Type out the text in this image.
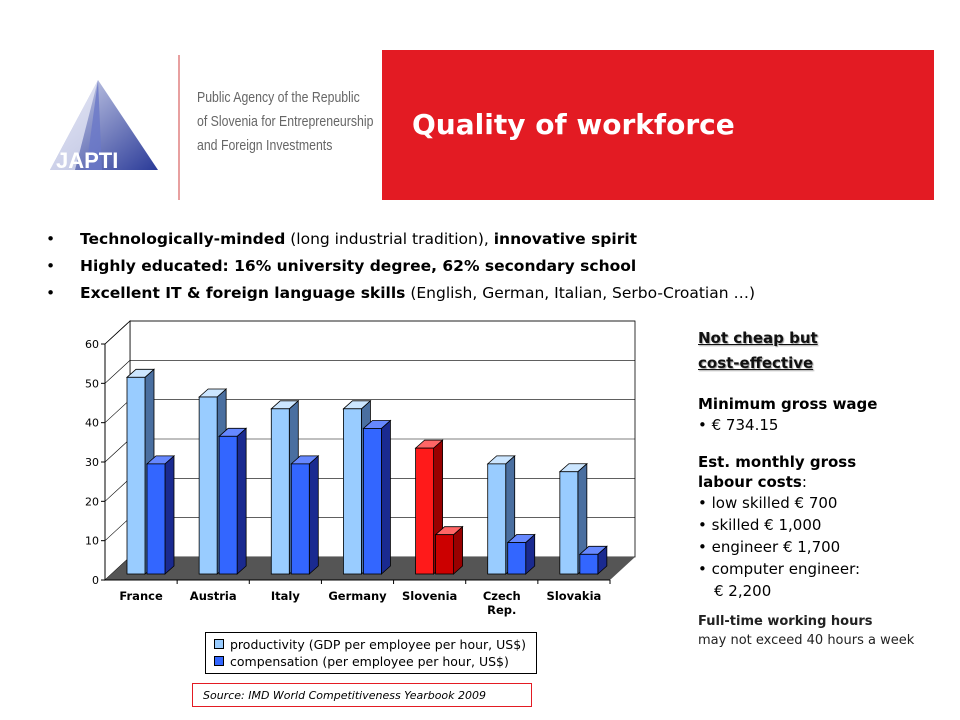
JAPTI
Public Agency of the Republic
of Slovenia for Entrepreneurship
and Foreign Investments
Quality of workforce
• Technologically-minded (long industrial tradition), innovative spirit
• Highly educated: 16% university degree, 62% secondary school
• Excellent IT & foreign language skills (English, German, Italian, Serbo-Croatian …)
0
10
20
30
40
50
60
France Austria	Italy Germany Slovenia Czech
Rep.
Slovakia
productivity (GDP per employee per hour, US$)
compensation (per employee per hour, US$)
Source: IMD World Competitiveness Yearbook 2009
Not cheap but
cost-effective
Minimum gross wage
• € 734.15
Est. monthly gross
labour costs:
• low skilled € 700
• skilled € 1,000
• engineer € 1,700
• computer engineer:
€ 2,200
Full-time working hours
may not exceed 40 hours a week
